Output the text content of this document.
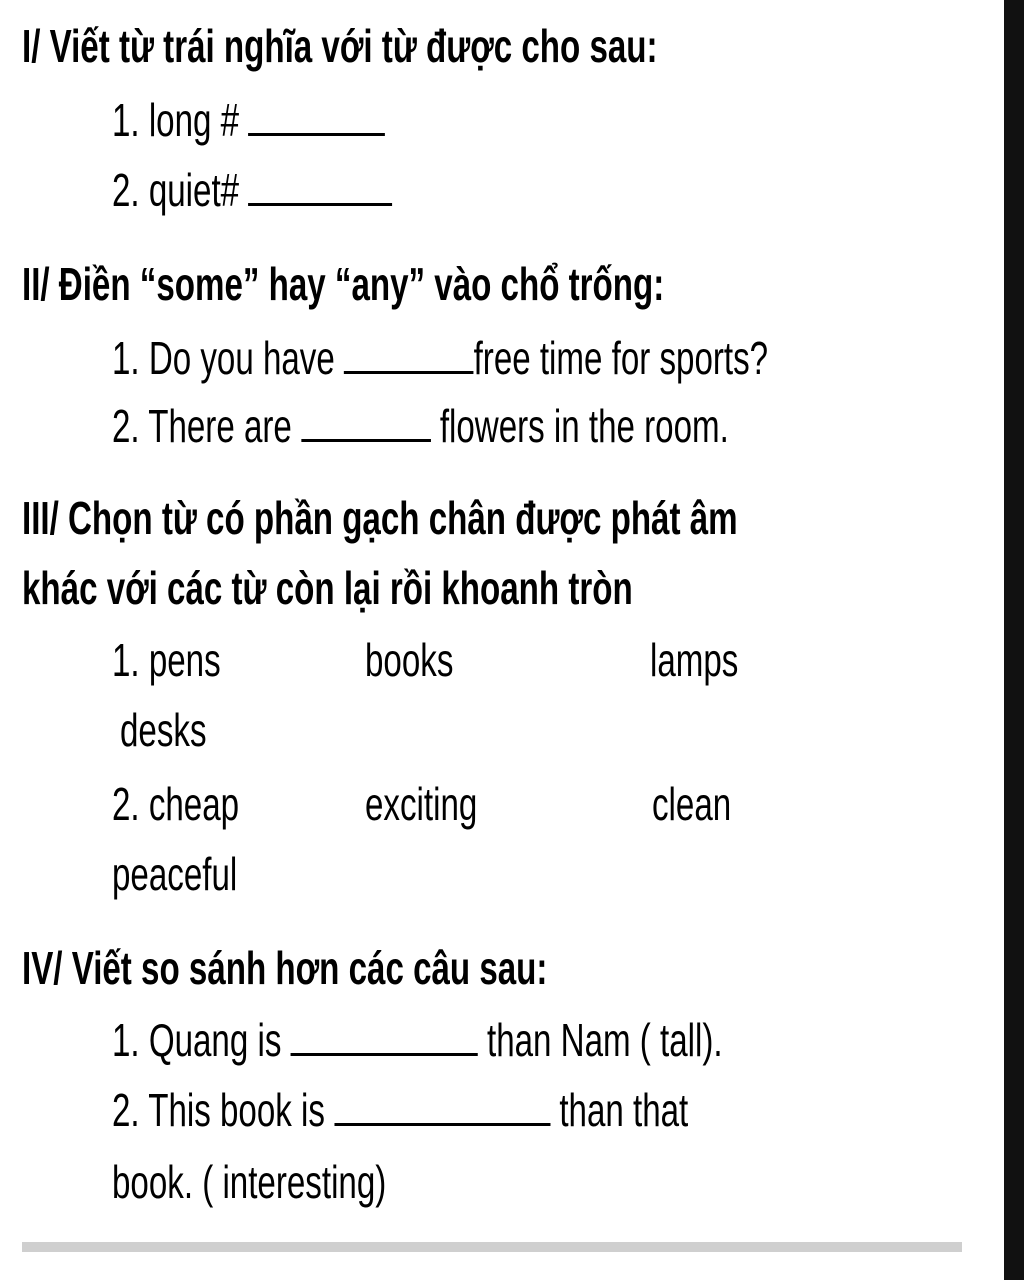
I/ Viết từ trái nghĩa với từ được cho sau:
1. long #
2. quiet#
II/ Điền “some” hay “any” vào chổ trống:
1. Do you have	free time for sports?
2. There are	flowers in the room.
III/ Chọn từ có phần gạch chân được phát âm
khác với các từ còn lại rồi khoanh tròn
1. pens	books	lamps
desks
2. cheap	exciting	clean
peaceful
IV/ Viết so sánh hơn các câu sau:
1. Quang is	than Nam ( tall).
2. This book is	than that
book. ( interesting)
